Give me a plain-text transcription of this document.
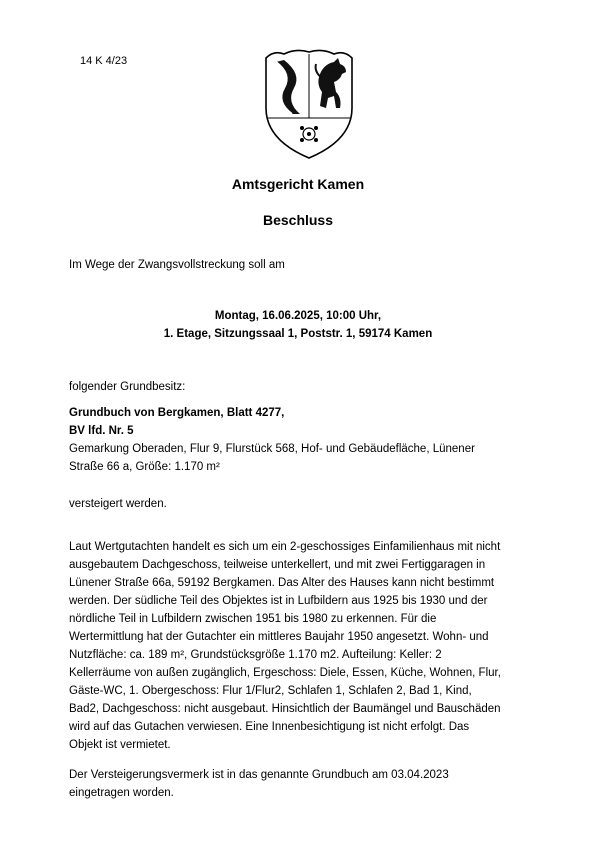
14 K 4/23
Amtsgericht Kamen
Beschluss
Im Wege der Zwangsvollstreckung soll am
Montag, 16.06.2025, 10:00 Uhr,
1. Etage, Sitzungssaal 1, Poststr. 1, 59174 Kamen
folgender Grundbesitz:
Grundbuch von Bergkamen, Blatt 4277,
BV lfd. Nr. 5
Gemarkung Oberaden, Flur 9, Flurstück 568, Hof- und Gebäudefläche, Lünener
Straße 66 a, Größe: 1.170 m²
versteigert werden.
Laut Wertgutachten handelt es sich um ein 2-geschossiges Einfamilienhaus mit nicht
ausgebautem Dachgeschoss, teilweise unterkellert, und mit zwei Fertiggaragen in
Lünener Straße 66a, 59192 Bergkamen. Das Alter des Hauses kann nicht bestimmt
werden. Der südliche Teil des Objektes ist in Lufbildern aus 1925 bis 1930 und der
nördliche Teil in Lufbildern zwischen 1951 bis 1980 zu erkennen. Für die
Wertermittlung hat der Gutachter ein mittleres Baujahr 1950 angesetzt. Wohn- und
Nutzfläche: ca. 189 m², Grundstücksgröße 1.170 m2. Aufteilung: Keller: 2
Kellerräume von außen zugänglich, Ergeschoss: Diele, Essen, Küche, Wohnen, Flur,
Gäste-WC, 1. Obergeschoss: Flur 1/Flur2, Schlafen 1, Schlafen 2, Bad 1, Kind,
Bad2, Dachgeschoss: nicht ausgebaut. Hinsichtlich der Baumängel und Bauschäden
wird auf das Gutachen verwiesen. Eine Innenbesichtigung ist nicht erfolgt. Das
Objekt ist vermietet.
Der Versteigerungsvermerk ist in das genannte Grundbuch am 03.04.2023
eingetragen worden.
